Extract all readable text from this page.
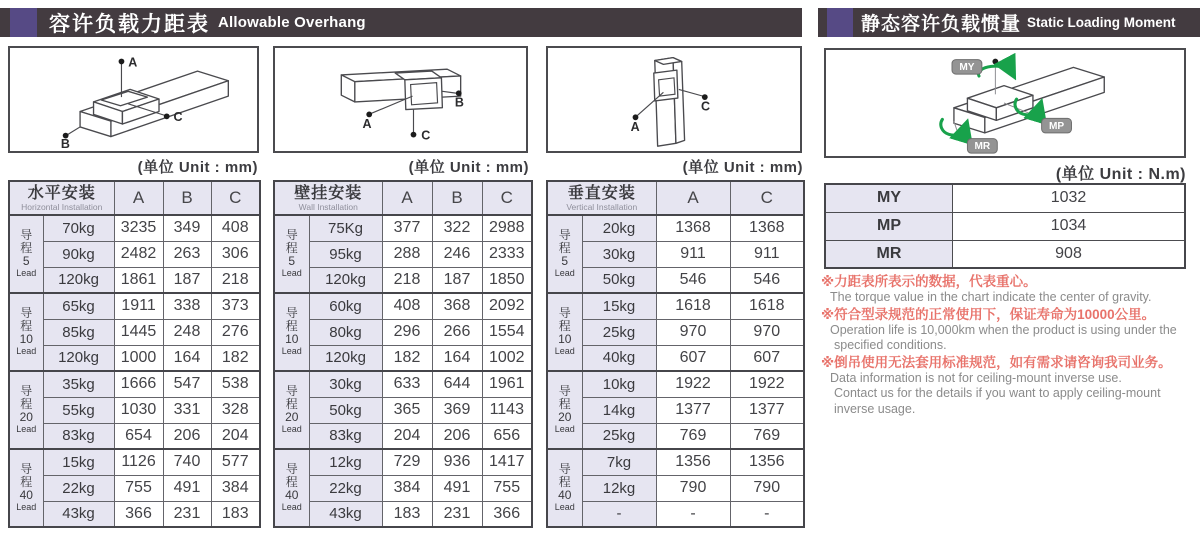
容许负载力距表 Allowable Overhang	静态容许负载惯量 Static Loading Moment
A
C
B
B
A
C
A
C
MY
MP
MR
(单位 Unit : mm)	(单位 Unit : mm)	(单位 Unit : mm)	(单位 Unit : N.m)
水平安装
Horizontal Installation		A	B	C

导
程
5
Lead	70kg	3235	349	408
	90kg	2482	263	306
	120kg	1861	187	218

导
程
10
Lead	65kg	1911	338	373
	85kg	1445	248	276
	120kg	1000	164	182

导
程
20
Lead	35kg	1666	547	538
	55kg	1030	331	328
	83kg	654	206	204

导
程
40
Lead	15kg	1126	740	577
	22kg	755	491	384
	43kg	366	231	183
壁挂安装
Wall Installation		A	B	C

导
程
5
Lead	75Kg	377	322	2988
	95kg	288	246	2333
	120kg	218	187	1850

导
程
10
Lead	60kg	408	368	2092
	80kg	296	266	1554
	120kg	182	164	1002

导
程
20
Lead	30kg	633	644	1961
	50kg	365	369	1143
	83kg	204	206	656

导
程
40
Lead	12kg	729	936	1417
	22kg	384	491	755
	43kg	183	231	366
垂直安装
Vertical Installation		A	C

导
程
5
Lead	20kg	1368	1368
	30kg	911	911
	50kg	546	546

导
程
10
Lead	15kg	1618	1618
	25kg	970	970
	40kg	607	607

导
程
20
Lead	10kg	1922	1922
	14kg	1377	1377
	25kg	769	769

导
程
40
Lead	7kg	1356	1356
	12kg	790	790
	-	-	-
MY	1032
MP	1034
MR	908
※力距表所表示的数据，代表重心。
The torque value in the chart indicate the center of gravity.
※符合型录规范的正常使用下，保证寿命为10000公里。
Operation life is 10,000km when the product is using under the
specified conditions.
※倒吊使用无法套用标准规范，如有需求请咨询我司业务。
Data information is not for ceiling-mount inverse use.
Contact us for the details if you want to apply ceiling-mount
inverse usage.
